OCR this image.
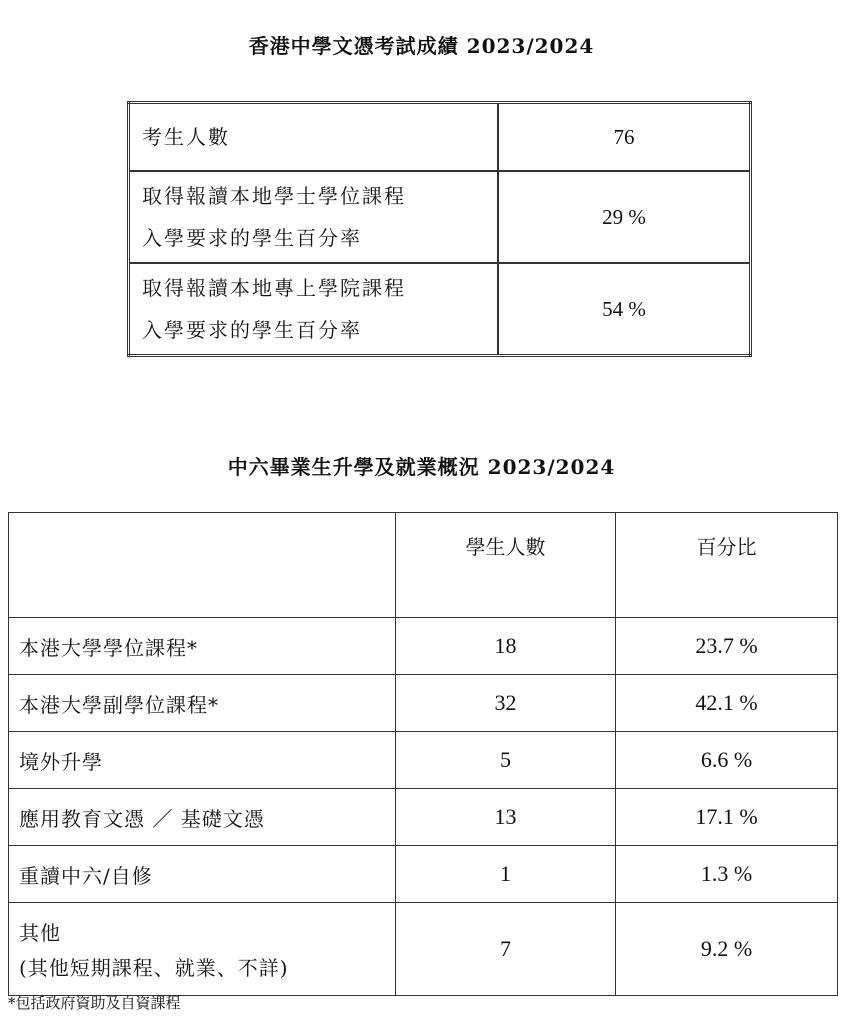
香港中學文憑考試成績 2023/2024
考生人數	76

取得報讀本地學士學位課程
入學要求的學生百分率	29 %

取得報讀本地專上學院課程
入學要求的學生百分率	54 %
中六畢業生升學及就業概況 2023/2024
	學生人數	百分比
本港大學學位課程*	18	23.7 %
本港大學副學位課程*	32	42.1 %
境外升學	5	6.6 %
應用教育文憑 ／ 基礎文憑	13	17.1 %
重讀中六/自修	1	1.3 %

其他
(其他短期課程、就業、不詳)	7	9.2 %
*包括政府資助及自資課程
